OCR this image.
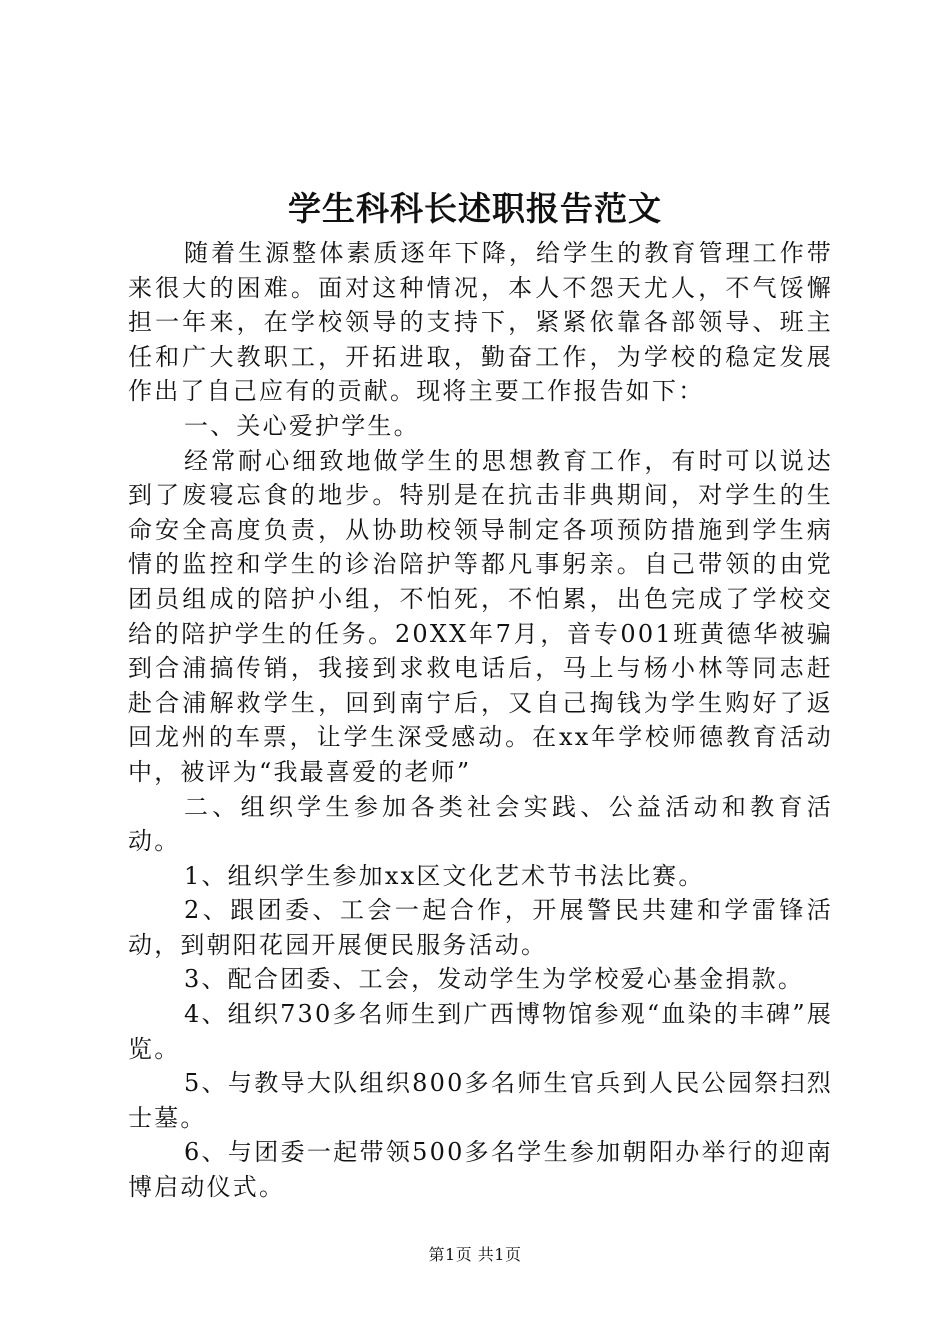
学生科科长述职报告范文

随着生源整体素质逐年下降，给学生的教育管理工作带来很大的困难。面对这种情况，本人不怨天尤人，不气馁懈担一年来，在学校领导的支持下，紧紧依靠各部领导、班主任和广大教职工，开拓进取，勤奋工作，为学校的稳定发展作出了自己应有的贡献。现将主要工作报告如下：

一、关心爱护学生。

经常耐心细致地做学生的思想教育工作，有时可以说达到了废寝忘食的地步。特别是在抗击非典期间，对学生的生命安全高度负责，从协助校领导制定各项预防措施到学生病情的监控和学生的诊治陪护等都凡事躬亲。自己带领的由党团员组成的陪护小组，不怕死，不怕累，出色完成了学校交给的陪护学生的任务。20XX年7月，音专001班黄德华被骗到合浦搞传销，我接到求救电话后，马上与杨小林等同志赶赴合浦解救学生，回到南宁后，又自己掏钱为学生购好了返回龙州的车票，让学生深受感动。在xx年学校师德教育活动中，被评为“我最喜爱的老师”

二、组织学生参加各类社会实践、公益活动和教育活动。

1、组织学生参加xx区文化艺术节书法比赛。

2、跟团委、工会一起合作，开展警民共建和学雷锋活动，到朝阳花园开展便民服务活动。

3、配合团委、工会，发动学生为学校爱心基金捐款。

4、组织730多名师生到广西博物馆参观“血染的丰碑”展览。

5、与教导大队组织800多名师生官兵到人民公园祭扫烈士墓。

6、与团委一起带领500多名学生参加朝阳办举行的迎南博启动仪式。

第1页 共1页
